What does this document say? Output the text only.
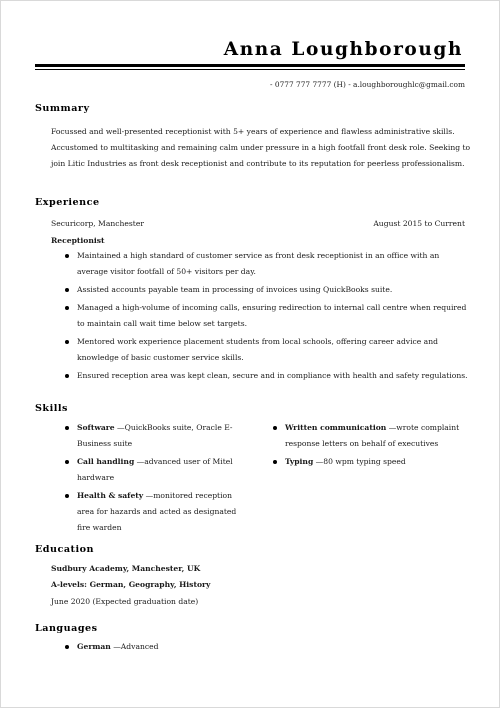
Anna Loughborough
- 0777 777 7777 (H) - a.loughboroughlc@gmail.com
Summary
Focussed and well-presented receptionist with 5+ years of experience and flawless administrative skills. Accustomed to multitasking and remaining calm under pressure in a high footfall front desk role. Seeking to join Litic Industries as front desk receptionist and contribute to its reputation for peerless professionalism.
Experience
Securicorp, Manchester	August 2015 to Current
Receptionist
Maintained a high standard of customer service as front desk receptionist in an office with an average visitor footfall of 50+ visitors per day.
Assisted accounts payable team in processing of invoices using QuickBooks suite.
Managed a high-volume of incoming calls, ensuring redirection to internal call centre when required to maintain call wait time below set targets.
Mentored work experience placement students from local schools, offering career advice and knowledge of basic customer service skills.
Ensured reception area was kept clean, secure and in compliance with health and safety regulations.
Skills
Software —QuickBooks suite, Oracle E-Business suite
Call handling —advanced user of Mitel hardware
Health & safety —monitored reception area for hazards and acted as designated fire warden
Written communication —wrote complaint response letters on behalf of executives
Typing —80 wpm typing speed
Education
Sudbury Academy, Manchester, UK
A-levels: German, Geography, History
June 2020 (Expected graduation date)
Languages
German —Advanced
